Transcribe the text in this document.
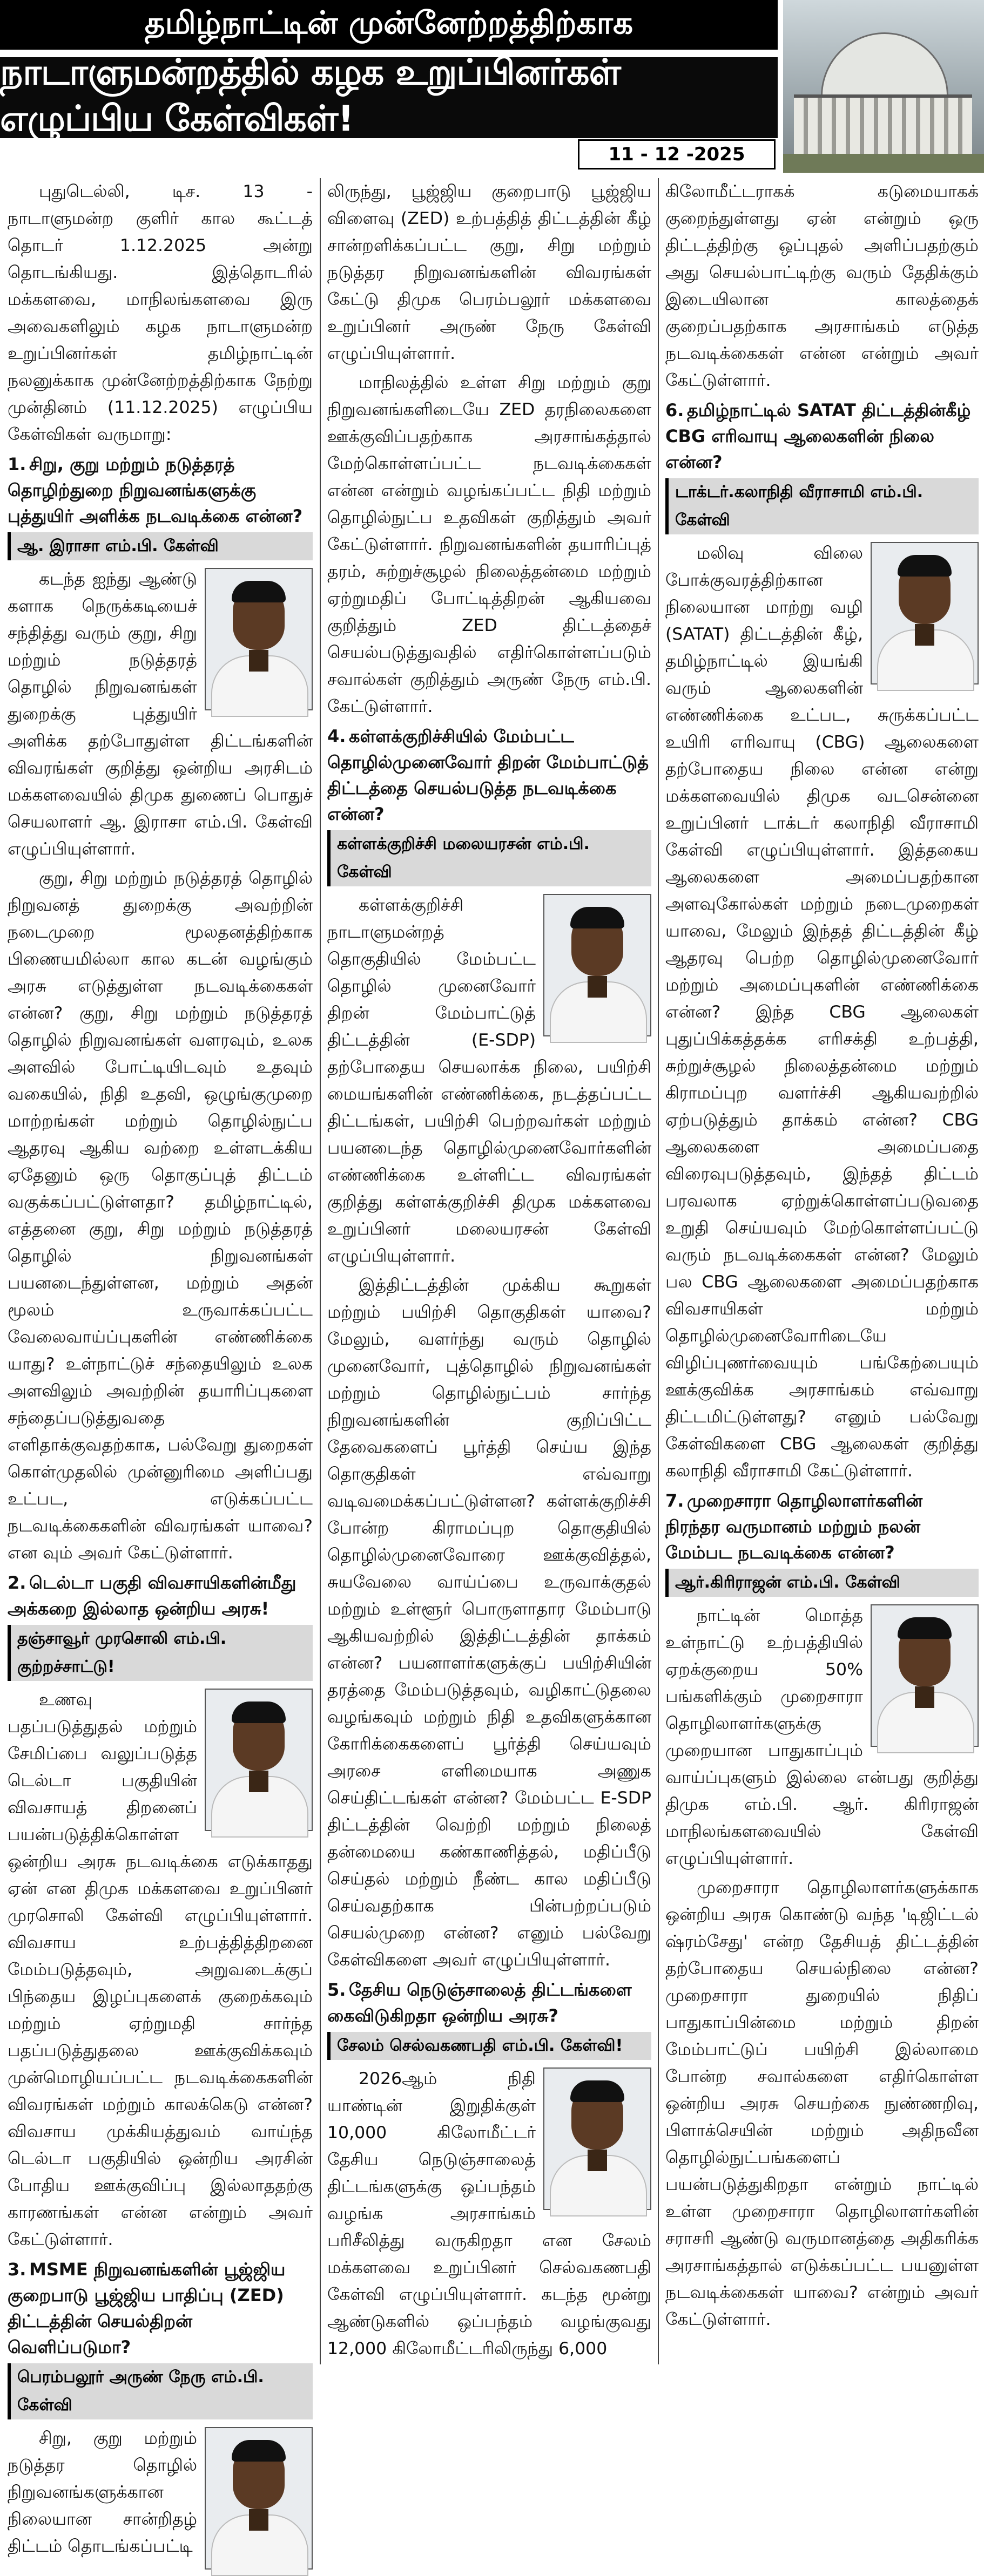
தமிழ்நாட்டின் முன்னேற்றத்திற்காக
நாடாளுமன்றத்தில் கழக உறுப்பினர்கள் எழுப்பிய கேள்விகள்!
11 - 12 -2025

புதுடெல்லி, டிச. 13 - நாடாளுமன்ற குளிர் கால கூட்டத் தொடர் 1.12.2025 அன்று தொடங்கியது. இத்தொடரில் மக்களவை, மாநிலங்களவை இரு அவைகளிலும் கழக நாடாளுமன்ற உறுப்பினர்கள் தமிழ்நாட்டின் நலனுக்காக முன்னேற்றத்திற்காக நேற்று முன்தினம் (11.12.2025) எழுப்பிய கேள்விகள் வருமாறு:

1. சிறு, குறு மற்றும் நடுத்தரத் தொழிற்துறை நிறுவனங்களுக்கு புத்துயிர் அளிக்க நடவடிக்கை என்ன?
ஆ. இராசா எம்.பி. கேள்வி

கடந்த ஐந்து ஆண்டு களாக நெருக்கடியைச் சந்தித்து வரும் குறு, சிறு மற்றும் நடுத்தரத் தொழில் நிறுவனங்கள் துறைக்கு புத்துயிர் அளிக்க தற்போதுள்ள திட்டங்களின் விவரங்கள் குறித்து ஒன்றிய அரசிடம் மக்களவையில் திமுக துணைப் பொதுச் செயலாளர் ஆ. இராசா எம்.பி. கேள்வி எழுப்பியுள்ளார்.

குறு, சிறு மற்றும் நடுத்தரத் தொழில் நிறுவனத் துறைக்கு அவற்றின் நடைமுறை மூலதனத்திற்காக பிணையமில்லா கால கடன் வழங்கும் அரசு எடுத்துள்ள நடவடிக்கைகள் என்ன? குறு, சிறு மற்றும் நடுத்தரத் தொழில் நிறுவனங்கள் வளரவும், உலக அளவில் போட்டியிடவும் உதவும் வகையில், நிதி உதவி, ஒழுங்குமுறை மாற்றங்கள் மற்றும் தொழில்நுட்ப ஆதரவு ஆகிய வற்றை உள்ளடக்கிய ஏதேனும் ஒரு தொகுப்புத் திட்டம் வகுக்கப்பட்டுள்ளதா? தமிழ்நாட்டில், எத்தனை குறு, சிறு மற்றும் நடுத்தரத் தொழில் நிறுவனங்கள் பயனடைந்துள்ளன, மற்றும் அதன் மூலம் உருவாக்கப்பட்ட வேலைவாய்ப்புகளின் எண்ணிக்கை யாது? உள்நாட்டுச் சந்தையிலும் உலக அளவிலும் அவற்றின் தயாரிப்புகளை சந்தைப்படுத்துவதை எளிதாக்குவதற்காக, பல்வேறு துறைகள் கொள்முதலில் முன்னுரிமை அளிப்பது உட்பட, எடுக்கப்பட்ட நடவடிக்கைகளின் விவரங்கள் யாவை? என வும் அவர் கேட்டுள்ளார்.

2. டெல்டா பகுதி விவசாயிகளின்மீது அக்கறை இல்லாத ஒன்றிய அரசு!
தஞ்சாவூர் முரசொலி எம்.பி. குற்றச்சாட்டு!

உணவு பதப்படுத்துதல் மற்றும் சேமிப்பை வலுப்படுத்த டெல்டா பகுதியின் விவசாயத் திறனைப் பயன்படுத்திக்கொள்ள ஒன்றிய அரசு நடவடிக்கை எடுக்காதது ஏன் என திமுக மக்களவை உறுப்பினர் முரசொலி கேள்வி எழுப்பியுள்ளார். விவசாய உற்பத்தித்திறனை மேம்படுத்தவும், அறுவடைக்குப் பிந்தைய இழப்புகளைக் குறைக்கவும் மற்றும் ஏற்றுமதி சார்ந்த பதப்படுத்துதலை ஊக்குவிக்கவும் முன்மொழியப்பட்ட நடவடிக்கைகளின் விவரங்கள் மற்றும் காலக்கெடு என்ன? விவசாய முக்கியத்துவம் வாய்ந்த டெல்டா பகுதியில் ஒன்றிய அரசின் போதிய ஊக்குவிப்பு இல்லாததற்கு காரணங்கள் என்ன என்றும் அவர் கேட்டுள்ளார்.

3. MSME நிறுவனங்களின் பூஜ்ஜிய குறைபாடு பூஜ்ஜிய பாதிப்பு (ZED) திட்டத்தின் செயல்திறன் வெளிப்படுமா?
பெரம்பலூர் அருண் நேரு எம்.பி. கேள்வி

சிறு, குறு மற்றும் நடுத்தர தொழில் நிறுவனங்களுக்கான நிலையான சான்றிதழ் திட்டம் தொடங்கப்பட்டி

லிருந்து, பூஜ்ஜிய குறைபாடு பூஜ்ஜிய விளைவு (ZED) உற்பத்தித் திட்டத்தின் கீழ் சான்றளிக்கப்பட்ட குறு, சிறு மற்றும் நடுத்தர நிறுவனங்களின் விவரங்கள் கேட்டு திமுக பெரம்பலூர் மக்களவை உறுப்பினர் அருண் நேரு கேள்வி எழுப்பியுள்ளார்.

மாநிலத்தில் உள்ள சிறு மற்றும் குறு நிறுவனங்களிடையே ZED தரநிலைகளை ஊக்குவிப்பதற்காக அரசாங்கத்தால் மேற்கொள்ளப்பட்ட நடவடிக்கைகள் என்ன என்றும் வழங்கப்பட்ட நிதி மற்றும் தொழில்நுட்ப உதவிகள் குறித்தும் அவர் கேட்டுள்ளார். நிறுவனங்களின் தயாரிப்புத் தரம், சுற்றுச்சூழல் நிலைத்தன்மை மற்றும் ஏற்றுமதிப் போட்டித்திறன் ஆகியவை குறித்தும் ZED திட்டத்தைச் செயல்படுத்துவதில் எதிர்கொள்ளப்படும் சவால்கள் குறித்தும் அருண் நேரு எம்.பி. கேட்டுள்ளார்.

4. கள்ளக்குறிச்சியில் மேம்பட்ட தொழில்முனைவோர் திறன் மேம்பாட்டுத் திட்டத்தை செயல்படுத்த நடவடிக்கை என்ன?
கள்ளக்குறிச்சி மலையரசன் எம்.பி. கேள்வி

கள்ளக்குறிச்சி நாடாளுமன்றத் தொகுதியில் மேம்பட்ட தொழில் முனைவோர் திறன் மேம்பாட்டுத் திட்டத்தின் (E-SDP) தற்போதைய செயலாக்க நிலை, பயிற்சி மையங்களின் எண்ணிக்கை, நடத்தப்பட்ட திட்டங்கள், பயிற்சி பெற்றவர்கள் மற்றும் பயனடைந்த தொழில்முனைவோர்களின் எண்ணிக்கை உள்ளிட்ட விவரங்கள் குறித்து கள்ளக்குறிச்சி திமுக மக்களவை உறுப்பினர் மலையரசன் கேள்வி எழுப்பியுள்ளார்.

இத்திட்டத்தின் முக்கிய கூறுகள் மற்றும் பயிற்சி தொகுதிகள் யாவை? மேலும், வளர்ந்து வரும் தொழில் முனைவோர், புத்தொழில் நிறுவனங்கள் மற்றும் தொழில்நுட்பம் சார்ந்த நிறுவனங்களின் குறிப்பிட்ட தேவைகளைப் பூர்த்தி செய்ய இந்த தொகுதிகள் எவ்வாறு வடிவமைக்கப்பட்டுள்ளன? கள்ளக்குறிச்சி போன்ற கிராமப்புற தொகுதியில் தொழில்முனைவோரை ஊக்குவித்தல், சுயவேலை வாய்ப்பை உருவாக்குதல் மற்றும் உள்ளூர் பொருளாதார மேம்பாடு ஆகியவற்றில் இத்திட்டத்தின் தாக்கம் என்ன? பயனாளர்களுக்குப் பயிற்சியின் தரத்தை மேம்படுத்தவும், வழிகாட்டுதலை வழங்கவும் மற்றும் நிதி உதவிகளுக்கான கோரிக்கைகளைப் பூர்த்தி செய்யவும் அரசை எளிமையாக அணுக செய்திட்டங்கள் என்ன? மேம்பட்ட E-SDP திட்டத்தின் வெற்றி மற்றும் நிலைத் தன்மையை கண்காணித்தல், மதிப்பீடு செய்தல் மற்றும் நீண்ட கால மதிப்பீடு செய்வதற்காக பின்பற்றப்படும் செயல்முறை என்ன? எனும் பல்வேறு கேள்விகளை அவர் எழுப்பியுள்ளார்.

5. தேசிய நெடுஞ்சாலைத் திட்டங்களை கைவிடுகிறதா ஒன்றிய அரசு?
சேலம் செல்வகணபதி எம்.பி. கேள்வி!

2026ஆம் நிதி யாண்டின் இறுதிக்குள் 10,000 கிலோமீட்டர் தேசிய நெடுஞ்சாலைத் திட்டங்களுக்கு ஒப்பந்தம் வழங்க அரசாங்கம் பரிசீலித்து வருகிறதா என சேலம் மக்களவை உறுப்பினர் செல்வகணபதி கேள்வி எழுப்பியுள்ளார். கடந்த மூன்று ஆண்டுகளில் ஒப்பந்தம் வழங்குவது 12,000 கிலோமீட்டரிலிருந்து 6,000

கிலோமீட்டராகக் கடுமையாகக் குறைந்துள்ளது ஏன் என்றும் ஒரு திட்டத்திற்கு ஒப்புதல் அளிப்பதற்கும் அது செயல்பாட்டிற்கு வரும் தேதிக்கும் இடையிலான காலத்தைக் குறைப்பதற்காக அரசாங்கம் எடுத்த நடவடிக்கைகள் என்ன என்றும் அவர் கேட்டுள்ளார்.

6. தமிழ்நாட்டில் SATAT திட்டத்தின்கீழ் CBG எரிவாயு ஆலைகளின் நிலை என்ன?
டாக்டர்.கலாநிதி வீராசாமி எம்.பி. கேள்வி

மலிவு விலை போக்குவரத்திற்கான நிலையான மாற்று வழி (SATAT) திட்டத்தின் கீழ், தமிழ்நாட்டில் இயங்கி வரும் ஆலைகளின் எண்ணிக்கை உட்பட, சுருக்கப்பட்ட உயிரி எரிவாயு (CBG) ஆலைகளை தற்போதைய நிலை என்ன என்று மக்களவையில் திமுக வடசென்னை உறுப்பினர் டாக்டர் கலாநிதி வீராசாமி கேள்வி எழுப்பியுள்ளார். இத்தகைய ஆலைகளை அமைப்பதற்கான அளவுகோல்கள் மற்றும் நடைமுறைகள் யாவை, மேலும் இந்தத் திட்டத்தின் கீழ் ஆதரவு பெற்ற தொழில்முனைவோர் மற்றும் அமைப்புகளின் எண்ணிக்கை என்ன? இந்த CBG ஆலைகள் புதுப்பிக்கத்தக்க எரிசக்தி உற்பத்தி, சுற்றுச்சூழல் நிலைத்தன்மை மற்றும் கிராமப்புற வளர்ச்சி ஆகியவற்றில் ஏற்படுத்தும் தாக்கம் என்ன? CBG ஆலைகளை அமைப்பதை விரைவுபடுத்தவும், இந்தத் திட்டம் பரவலாக ஏற்றுக்கொள்ளப்படுவதை உறுதி செய்யவும் மேற்கொள்ளப்பட்டு வரும் நடவடிக்கைகள் என்ன? மேலும் பல CBG ஆலைகளை அமைப்பதற்காக விவசாயிகள் மற்றும் தொழில்முனைவோரிடையே விழிப்புணர்வையும் பங்கேற்பையும் ஊக்குவிக்க அரசாங்கம் எவ்வாறு திட்டமிட்டுள்ளது? எனும் பல்வேறு கேள்விகளை CBG ஆலைகள் குறித்து கலாநிதி வீராசாமி கேட்டுள்ளார்.

7. முறைசாரா தொழிலாளர்களின் நிரந்தர வருமானம் மற்றும் நலன் மேம்பட நடவடிக்கை என்ன?
ஆர்.கிரிராஜன் எம்.பி. கேள்வி

நாட்டின் மொத்த உள்நாட்டு உற்பத்தியில் ஏறக்குறைய 50% பங்களிக்கும் முறைசாரா தொழிலாளர்களுக்கு முறையான பாதுகாப்பும் வாய்ப்புகளும் இல்லை என்பது குறித்து திமுக எம்.பி. ஆர். கிரிராஜன் மாநிலங்களவையில் கேள்வி எழுப்பியுள்ளார்.

முறைசாரா தொழிலாளர்களுக்காக ஒன்றிய அரசு கொண்டு வந்த 'டிஜிட்டல் ஷ்ரம்சேது' என்ற தேசியத் திட்டத்தின் தற்போதைய செயல்நிலை என்ன? முறைசாரா துறையில் நிதிப் பாதுகாப்பின்மை மற்றும் திறன் மேம்பாட்டுப் பயிற்சி இல்லாமை போன்ற சவால்களை எதிர்கொள்ள ஒன்றிய அரசு செயற்கை நுண்ணறிவு, பிளாக்செயின் மற்றும் அதிநவீன தொழில்நுட்பங்களைப் பயன்படுத்துகிறதா என்றும் நாட்டில் உள்ள முறைசாரா தொழிலாளர்களின் சராசரி ஆண்டு வருமானத்தை அதிகரிக்க அரசாங்கத்தால் எடுக்கப்பட்ட பயனுள்ள நடவடிக்கைகள் யாவை? என்றும் அவர் கேட்டுள்ளார்.
